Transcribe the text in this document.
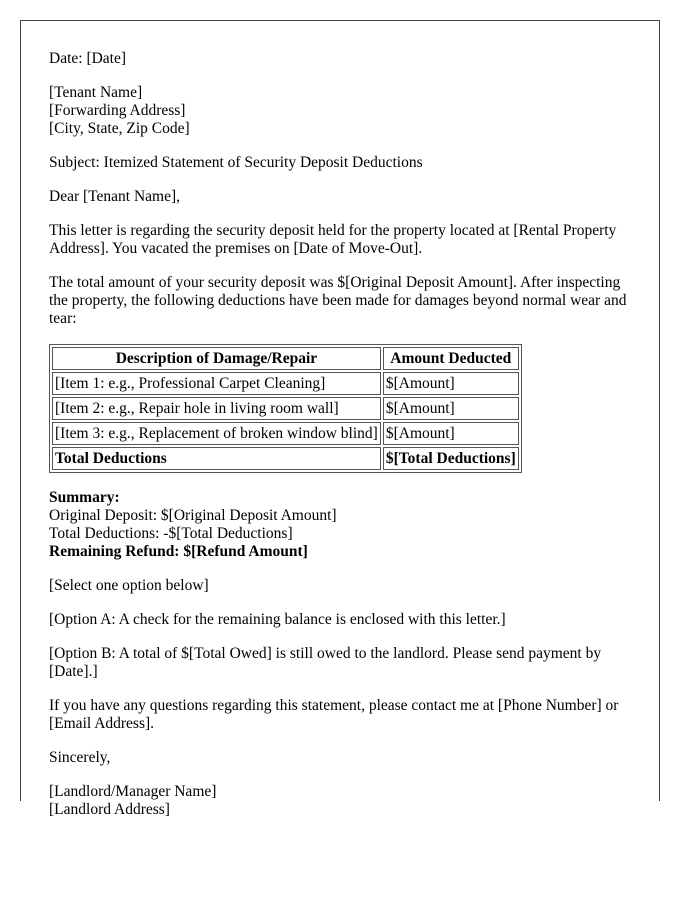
Date: [Date]

[Tenant Name]
[Forwarding Address]
[City, State, Zip Code]

Subject: Itemized Statement of Security Deposit Deductions

Dear [Tenant Name],

This letter is regarding the security deposit held for the property located at [Rental Property Address]. You vacated the premises on [Date of Move-Out].

The total amount of your security deposit was $[Original Deposit Amount]. After inspecting the property, the following deductions have been made for damages beyond normal wear and tear:

Description of Damage/Repair	Amount Deducted
[Item 1: e.g., Professional Carpet Cleaning]	$[Amount]
[Item 2: e.g., Repair hole in living room wall]	$[Amount]
[Item 3: e.g., Replacement of broken window blind]	$[Amount]
Total Deductions	$[Total Deductions]
Summary:
Original Deposit: $[Original Deposit Amount]
Total Deductions: -$[Total Deductions]
Remaining Refund: $[Refund Amount]

[Select one option below]

[Option A: A check for the remaining balance is enclosed with this letter.]

[Option B: A total of $[Total Owed] is still owed to the landlord. Please send payment by [Date].]

If you have any questions regarding this statement, please contact me at [Phone Number] or [Email Address].

Sincerely,

[Landlord/Manager Name]
[Landlord Address]
